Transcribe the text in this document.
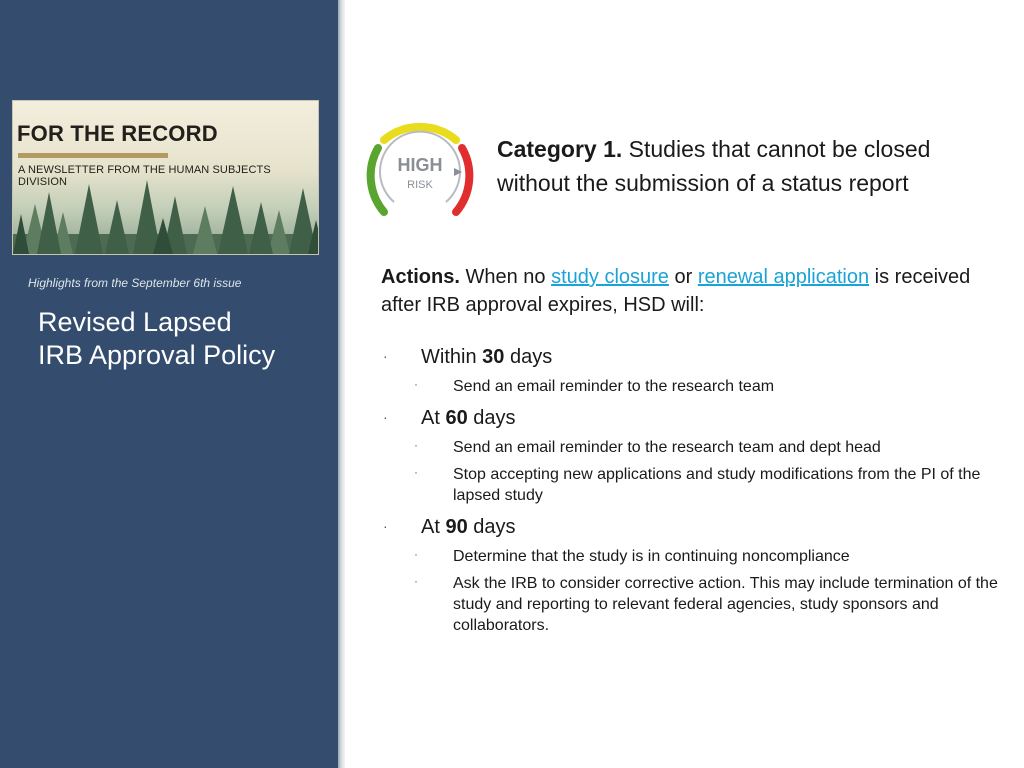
FOR THE RECORD
A NEWSLETTER FROM THE HUMAN SUBJECTS DIVISION
Highlights from the September 6th issue
Revised Lapsed IRB Approval Policy
HIGH
RISK
Category 1. Studies that cannot be closed without the submission of a status report
Actions. When no study closure or renewal application is received after IRB approval expires, HSD will:
· Within 30 days
· Send an email reminder to the research team
· At 60 days
· Send an email reminder to the research team and dept head
· Stop accepting new applications and study modifications from the PI of the lapsed study
· At 90 days
· Determine that the study is in continuing noncompliance
· Ask the IRB to consider corrective action. This may include termination of the study and reporting to relevant federal agencies, study sponsors and collaborators.
